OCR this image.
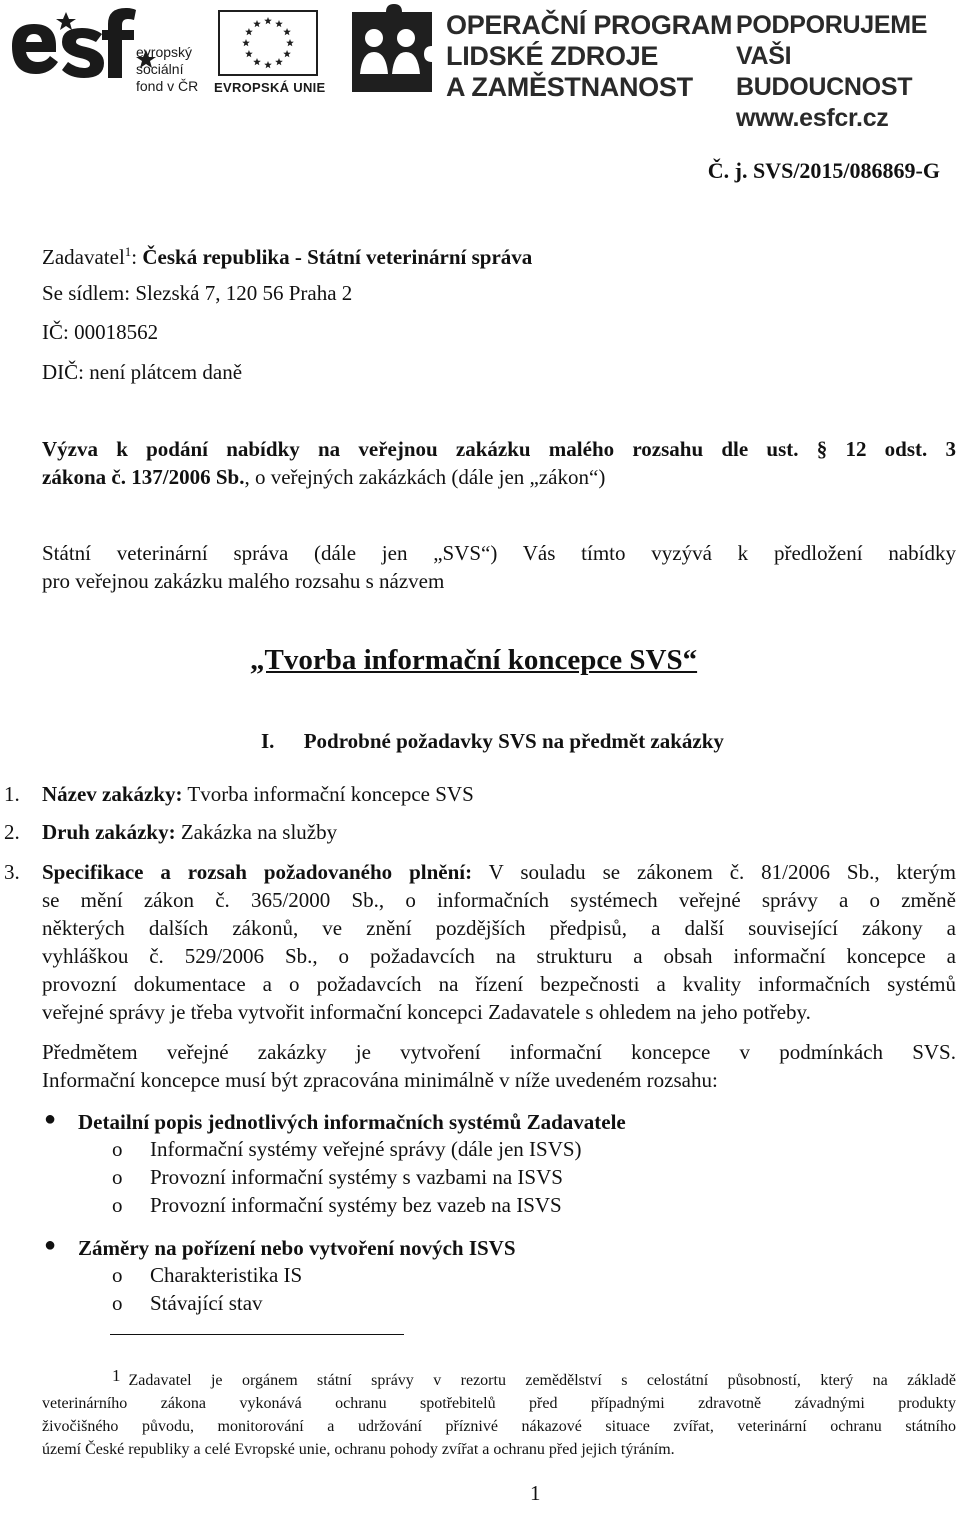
evropský
sociální
fond v ČR EVROPSKÁ UNIE
OPERAČNÍ PROGRAM
LIDSKÉ ZDROJE
A ZAMĚSTNANOST
PODPORUJEME
VAŠI BUDOUCNOST
www.esfcr.cz
Č. j. SVS/2015/086869-G
Zadavatel$^1$: Česká republika - Státní veterinární správa
Se sídlem: Slezská 7, 120 56 Praha 2
IČ: 00018562
DIČ: není plátcem daně
Výzva k podání nabídky na veřejnou zakázku malého rozsahu dle ust. § 12 odst. 3
zákona č. 137/2006 Sb., o veřejných zakázkách (dále jen „zákon“)
Státní veterinární správa (dále jen „SVS“) Vás tímto vyzývá k předložení nabídky
pro veřejnou zakázku malého rozsahu s názvem
„Tvorba informační koncepce SVS“
I. Podrobné požadavky SVS na předmět zakázky
1. Název zakázky: Tvorba informační koncepce SVS
2. Druh zakázky: Zakázka na služby
3. Specifikace a rozsah požadovaného plnění: V souladu se zákonem č. 81/2006 Sb., kterým
se mění zákon č. 365/2000 Sb., o informačních systémech veřejné správy a o změně
některých dalších zákonů, ve znění pozdějších předpisů, a další související zákony a
vyhláškou č. 529/2006 Sb., o požadavcích na strukturu a obsah informační koncepce a
provozní dokumentace a o požadavcích na řízení bezpečnosti a kvality informačních systémů
veřejné správy je třeba vytvořit informační koncepci Zadavatele s ohledem na jeho potřeby.
Předmětem veřejné zakázky je vytvoření informační koncepce v podmínkách SVS.
Informační koncepce musí být zpracována minimálně v níže uvedeném rozsahu:
● Detailní popis jednotlivých informačních systémů Zadavatele
o Informační systémy veřejné správy (dále jen ISVS)
o Provozní informační systémy s vazbami na ISVS
o Provozní informační systémy bez vazeb na ISVS
● Záměry na pořízení nebo vytvoření nových ISVS
o Charakteristika IS
o Stávající stav
1 Zadavatel je orgánem státní správy v rezortu zemědělství s celostátní působností, který na základě
veterinárního zákona vykonává ochranu spotřebitelů před případnými zdravotně závadnými produkty
živočišného původu, monitorování a udržování příznivé nákazové situace zvířat, veterinární ochranu státního
území České republiky a celé Evropské unie, ochranu pohody zvířat a ochranu před jejich týráním.
1
